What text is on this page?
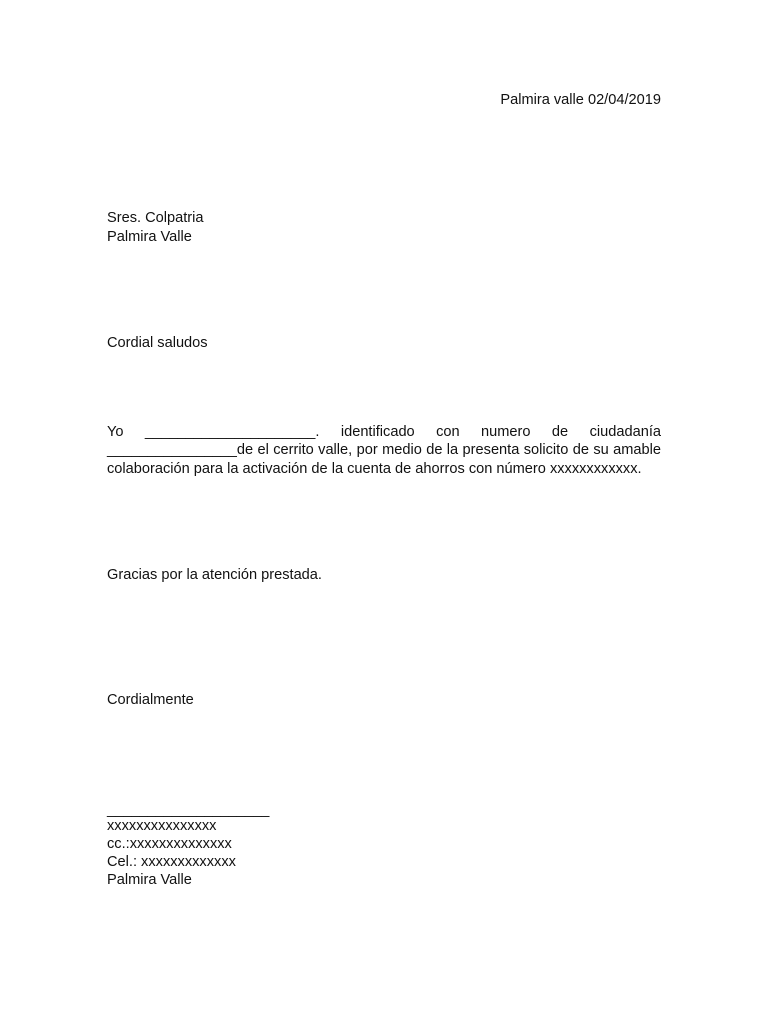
Palmira valle 02/04/2019
Sres. Colpatria
Palmira Valle
Cordial saludos

Yo _____________________. identificado con numero de ciudadanía ________________de el cerrito valle, por medio de la presenta solicito de su amable colaboración para la activación de la cuenta de ahorros con número xxxxxxxxxxxx.

Gracias por la atención prestada.
Cordialmente
____________________
xxxxxxxxxxxxxxx
cc.:xxxxxxxxxxxxxx
Cel.: xxxxxxxxxxxxx
Palmira Valle
